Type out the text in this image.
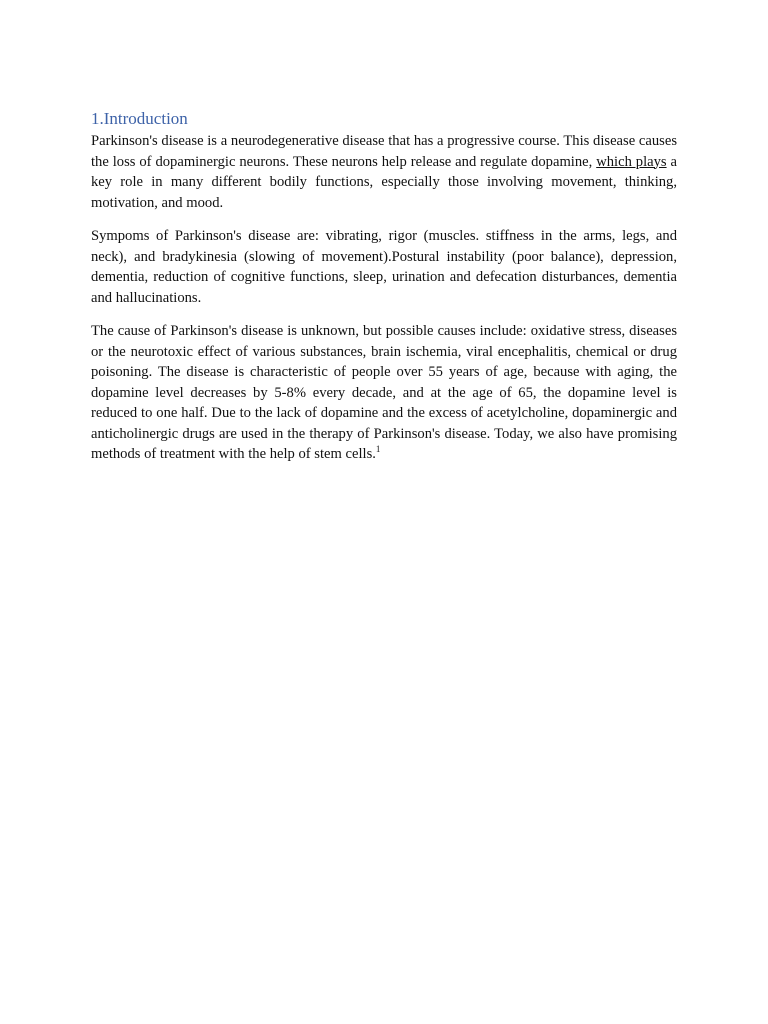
1.Introduction

Parkinson's disease is a neurodegenerative disease that has a progressive course. This disease causes the loss of dopaminergic neurons. These neurons help release and regulate dopamine, which plays a key role in many different bodily functions, especially those involving movement, thinking, motivation, and mood.

Sympoms of Parkinson's disease are: vibrating, rigor (muscles. stiffness in the arms, legs, and neck), and bradykinesia (slowing of movement).Postural instability (poor balance), depression, dementia, reduction of cognitive functions, sleep, urination and defecation disturbances, dementia and hallucinations.

The cause of Parkinson's disease is unknown, but possible causes include: oxidative stress, diseases or the neurotoxic effect of various substances, brain ischemia, viral encephalitis, chemical or drug poisoning. The disease is characteristic of people over 55 years of age, because with aging, the dopamine level decreases by 5-8% every decade, and at the age of 65, the dopamine level is reduced to one half. Due to the lack of dopamine and the excess of acetylcholine, dopaminergic and anticholinergic drugs are used in the therapy of Parkinson's disease. Today, we also have promising methods of treatment with the help of stem cells.$^1$
